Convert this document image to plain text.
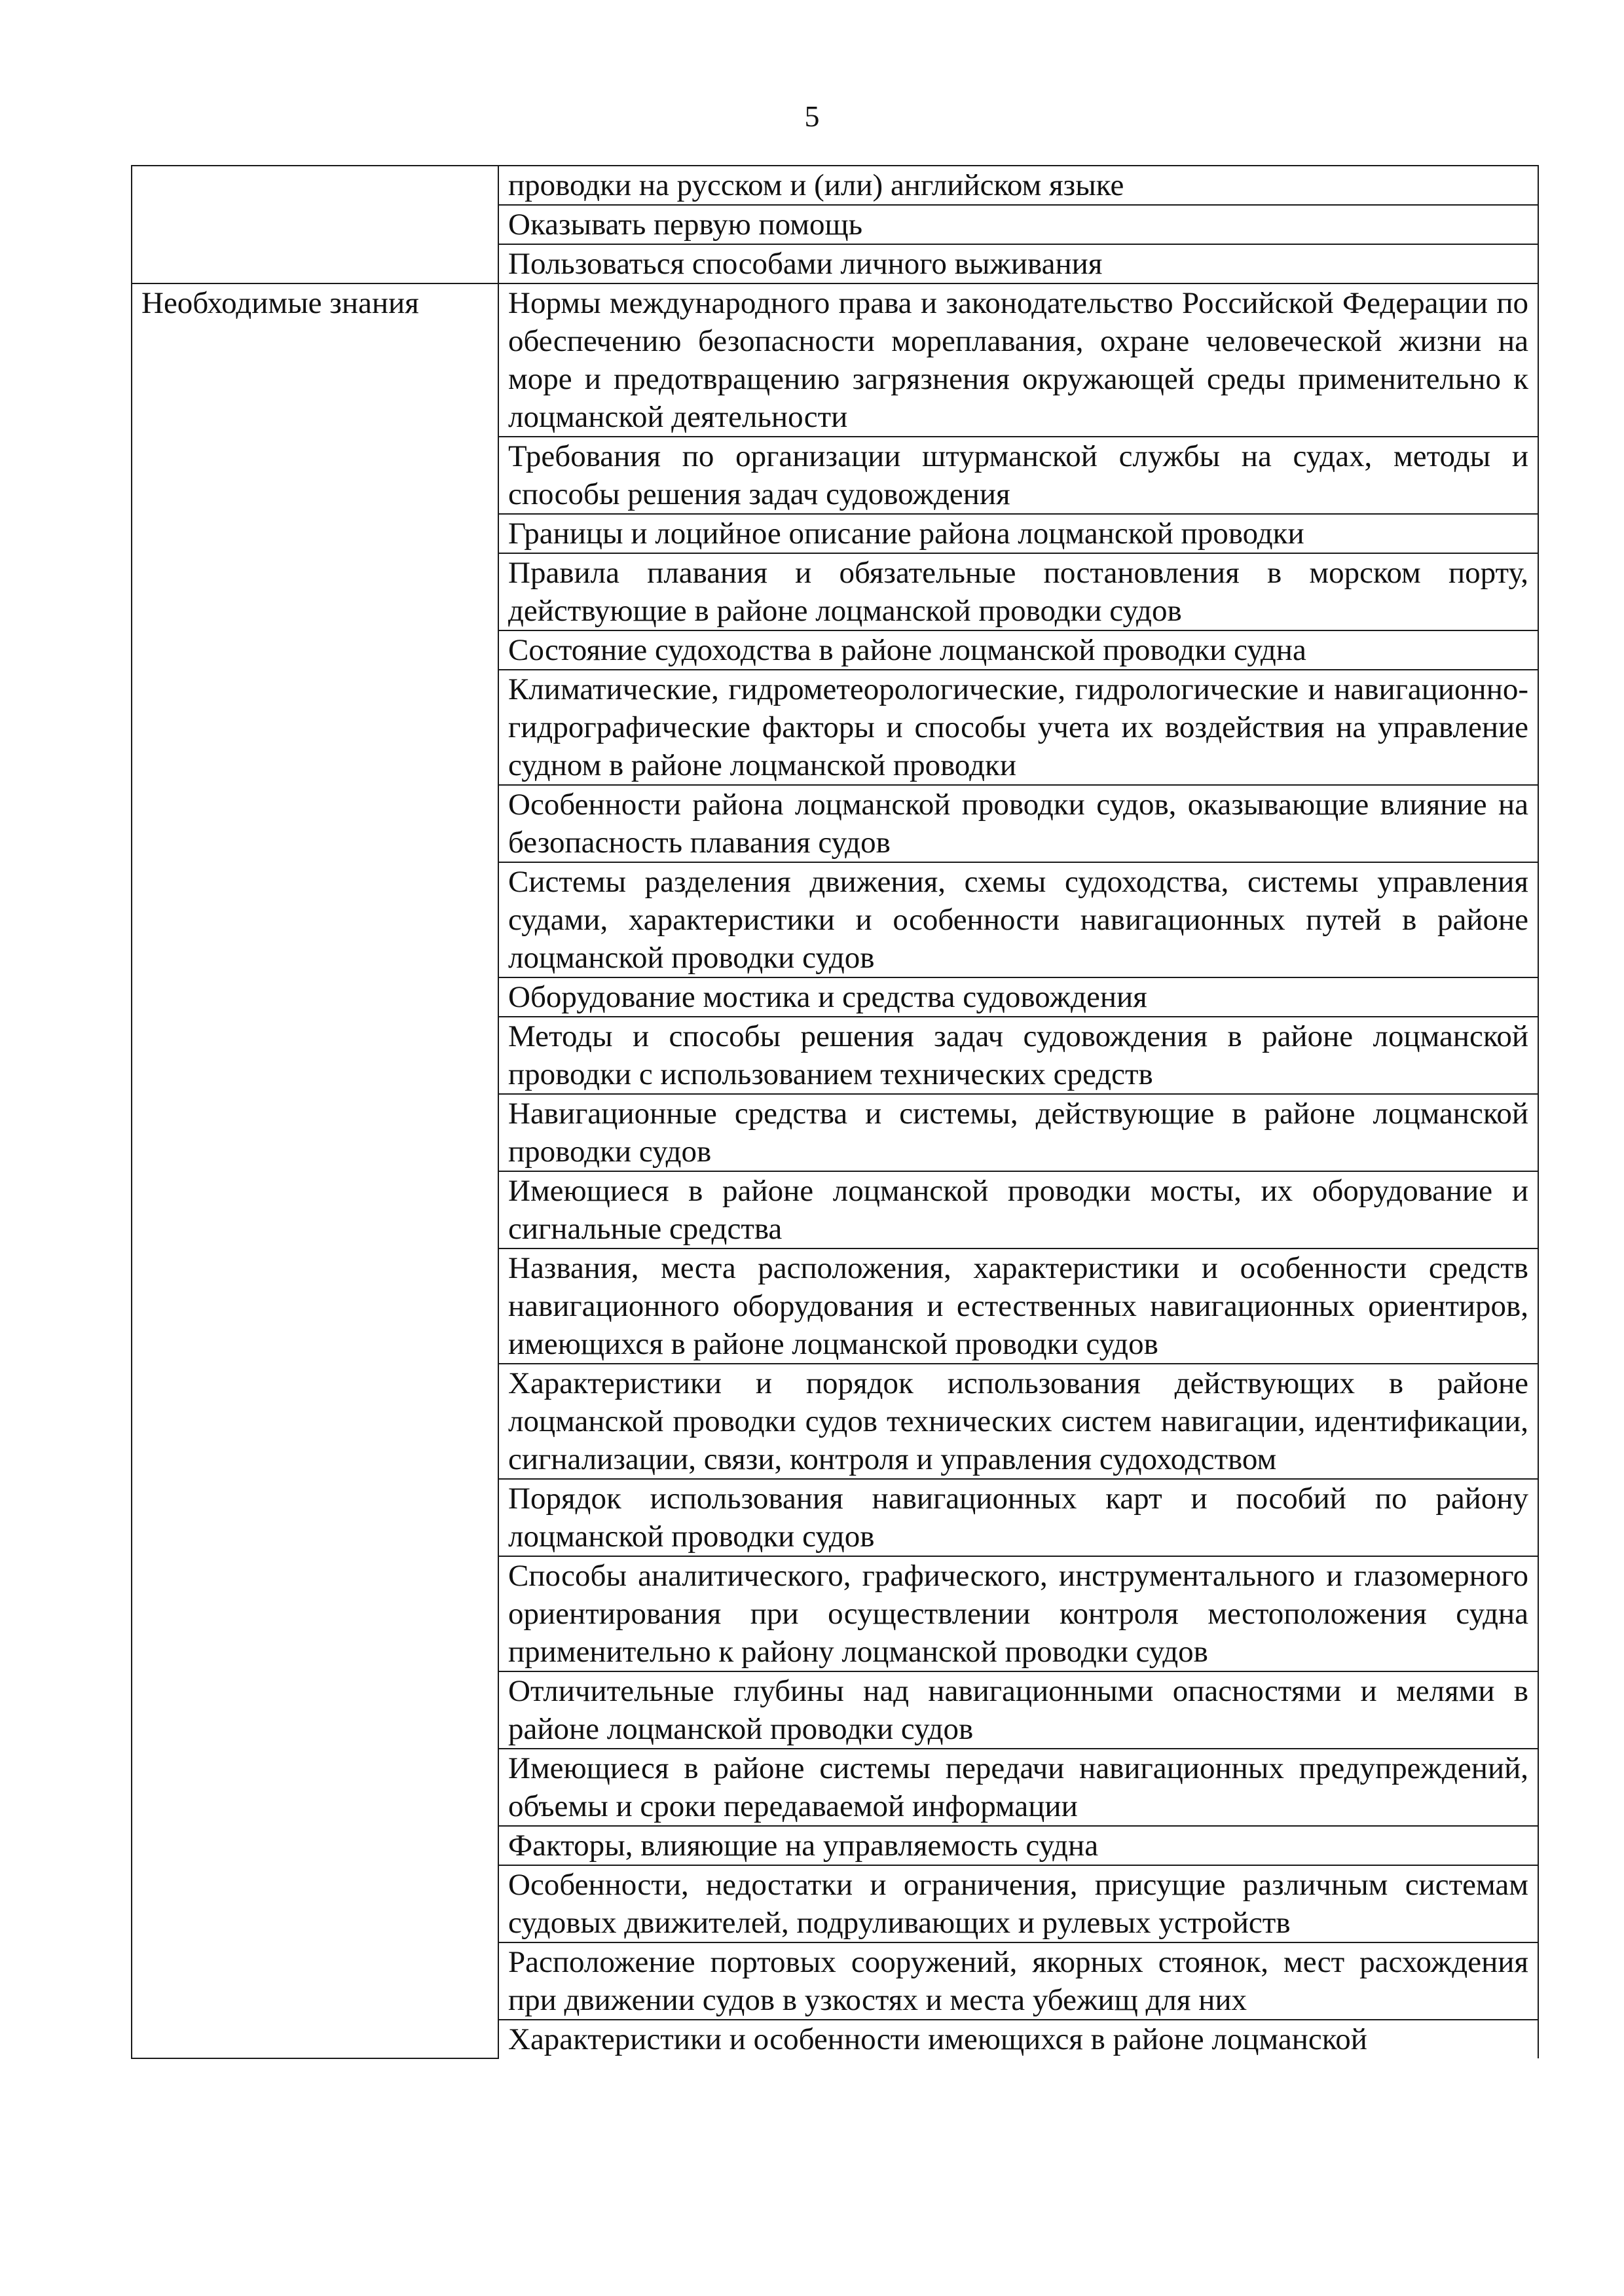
5
	проводки на русском и (или) английском языке
	Оказывать первую помощь
	Пользоваться способами личного выживания
Необходимые знания	Нормы международного права и законодательство Российской Федерации по обеспечению безопасности мореплавания, охране человеческой жизни на море и предотвращению загрязнения окружающей среды применительно к лоцманской деятельности
	Требования по организации штурманской службы на судах, методы и способы решения задач судовождения
	Границы и лоцийное описание района лоцманской проводки
	Правила плавания и обязательные постановления в морском порту, действующие в районе лоцманской проводки судов
	Состояние судоходства в районе лоцманской проводки судна
	Климатические, гидрометеорологические, гидрологические и навигационно-гидрографические факторы и способы учета их воздействия на управление судном в районе лоцманской проводки
	Особенности района лоцманской проводки судов, оказывающие влияние на безопасность плавания судов
	Системы разделения движения, схемы судоходства, системы управления судами, характеристики и особенности навигационных путей в районе лоцманской проводки судов
	Оборудование мостика и средства судовождения
	Методы и способы решения задач судовождения в районе лоцманской проводки с использованием технических средств
	Навигационные средства и системы, действующие в районе лоцманской проводки судов
	Имеющиеся в районе лоцманской проводки мосты, их оборудование и сигнальные средства
	Названия, места расположения, характеристики и особенности средств навигационного оборудования и естественных навигационных ориентиров, имеющихся в районе лоцманской проводки судов
	Характеристики и порядок использования действующих в районе лоцманской проводки судов технических систем навигации, идентификации, сигнализации, связи, контроля и управления судоходством
	Порядок использования навигационных карт и пособий по району лоцманской проводки судов
	Способы аналитического, графического, инструментального и глазомерного ориентирования при осуществлении контроля местоположения судна применительно к району лоцманской проводки судов
	Отличительные глубины над навигационными опасностями и мелями в районе лоцманской проводки судов
	Имеющиеся в районе системы передачи навигационных предупреждений, объемы и сроки передаваемой информации
	Факторы, влияющие на управляемость судна
	Особенности, недостатки и ограничения, присущие различным системам судовых движителей, подруливающих и рулевых устройств
	Расположение портовых сооружений, якорных стоянок, мест расхождения при движении судов в узкостях и места убежищ для них
	Характеристики и особенности имеющихся в районе лоцманской
